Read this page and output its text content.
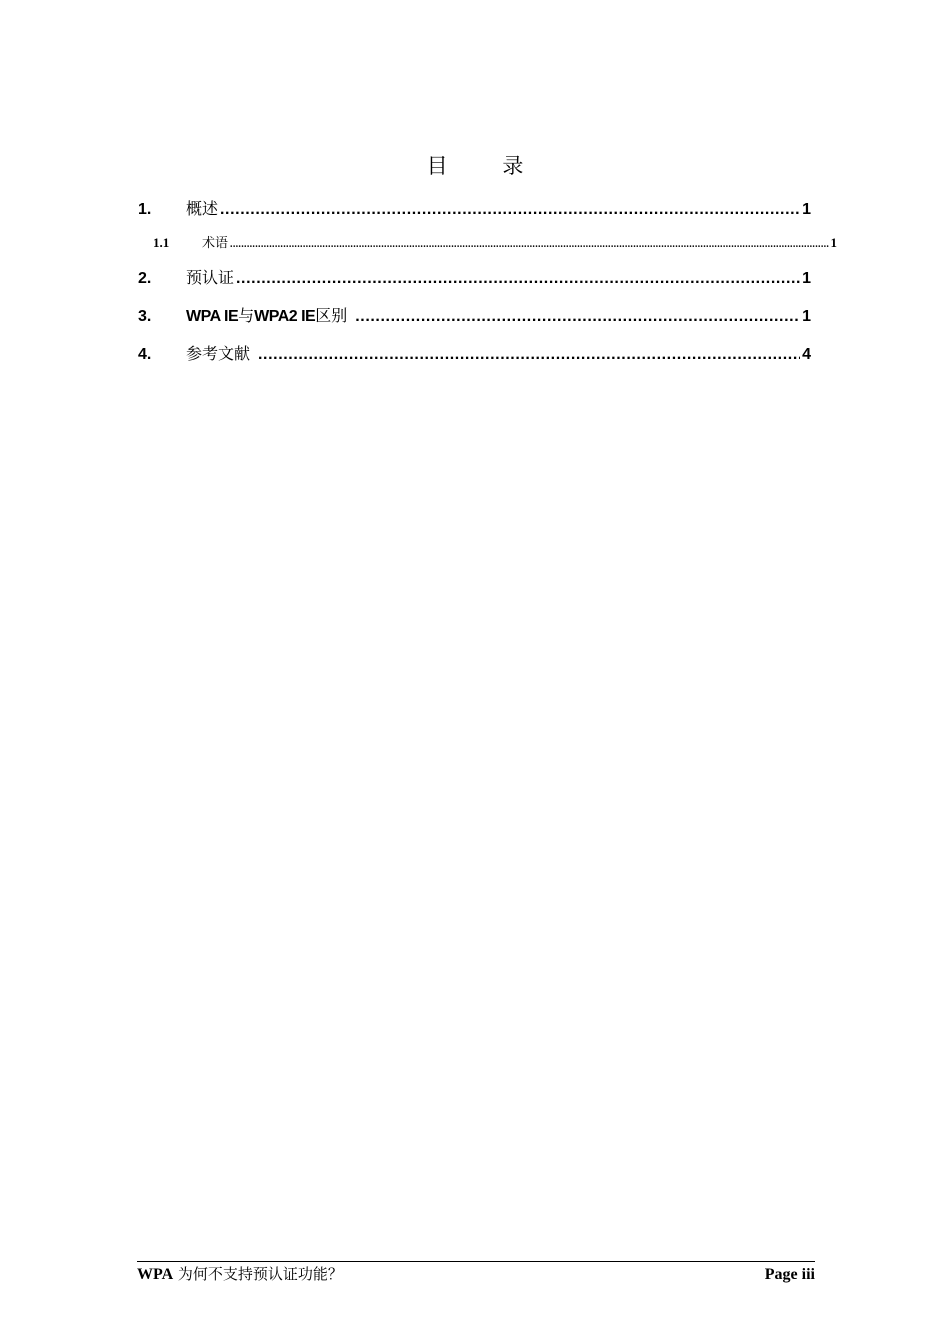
目 录
1.	概述 .....	1
1.1	术语 .....	1
2.	预认证 .....	1
3.	WPA IE与WPA2 IE区别 .....	1
4.	参考文献 .....	4
WPA 为何不支持预认证功能？	Page iii
